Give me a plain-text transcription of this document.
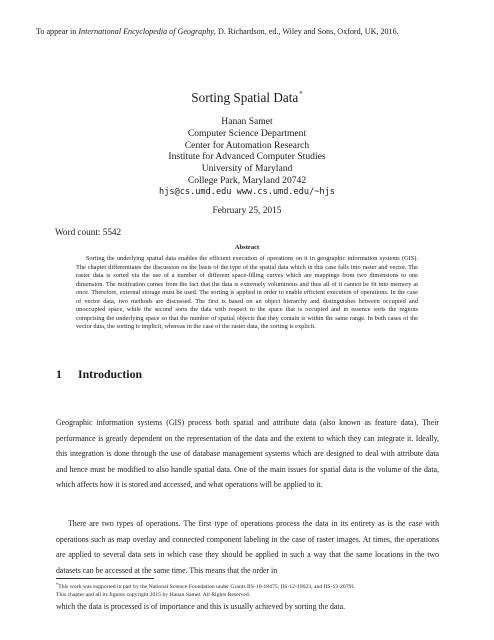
To appear in International Encyclopedia of Geography, D. Richardson, ed., Wiley and Sons, Oxford, UK, 2016.
Sorting Spatial Data*
Hanan Samet
Computer Science Department
Center for Automation Research
Institute for Advanced Computer Studies
University of Maryland
College Park, Maryland 20742
hjs@cs.umd.edu www.cs.umd.edu/~hjs
February 25, 2015
Word count: 5542
Abstract

Sorting the underlying spatial data enables the efficient execution of operations on it in geographic information systems (GIS). The chapter differentiates the discussion on the basis of the type of the spatial data which in this case falls into raster and vector. The raster data is sorted via the use of a number of different space-filling curves which are mappings from two dimensions to one dimension. The motivation comes from the fact that the data is extremely voluminous and thus all of it cannot be fit into memory at once. Therefore, external storage must be used. The sorting is applied in order to enable efficient execution of operations. In the case of vector data, two methods are discussed. The first is based on an object hierarchy and distinguishes between occupied and unoccupied space, while the second sorts the data with respect to the space that is occupied and in essence sorts the regions comprising the underlying space so that the number of spatial objects that they contain is within the same range. In both cases of the vector data, the sorting is implicit, whereas in the case of the raster data, the sorting is explicit.

1 Introduction

Geographic information systems (GIS) process both spatial and attribute data (also known as feature data). Their performance is greatly dependent on the representation of the data and the extent to which they can integrate it. Ideally, this integration is done through the use of database management systems which are designed to deal with attribute data and hence must be modified to also handle spatial data. One of the main issues for spatial data is the volume of the data, which affects how it is stored and accessed, and what operations will be applied to it.

There are two types of operations. The first type of operations process the data in its entirety as is the case with operations such as map overlay and connected component labeling in the case of raster images. At times, the operations are applied to several data sets in which case they should be applied in such a way that the same locations in the two datasets can be accessed at the same time. This means that the order in

*This work was supported in part by the National Science Foundation under Grants IIS-10-18475, IIS-12-19023, and IIS-13-20791.
This chapter and all its figures copyright 2015 by Hanan Samet. All Rights Reserved.

which the data is processed is of importance and this is usually achieved by sorting the data.
